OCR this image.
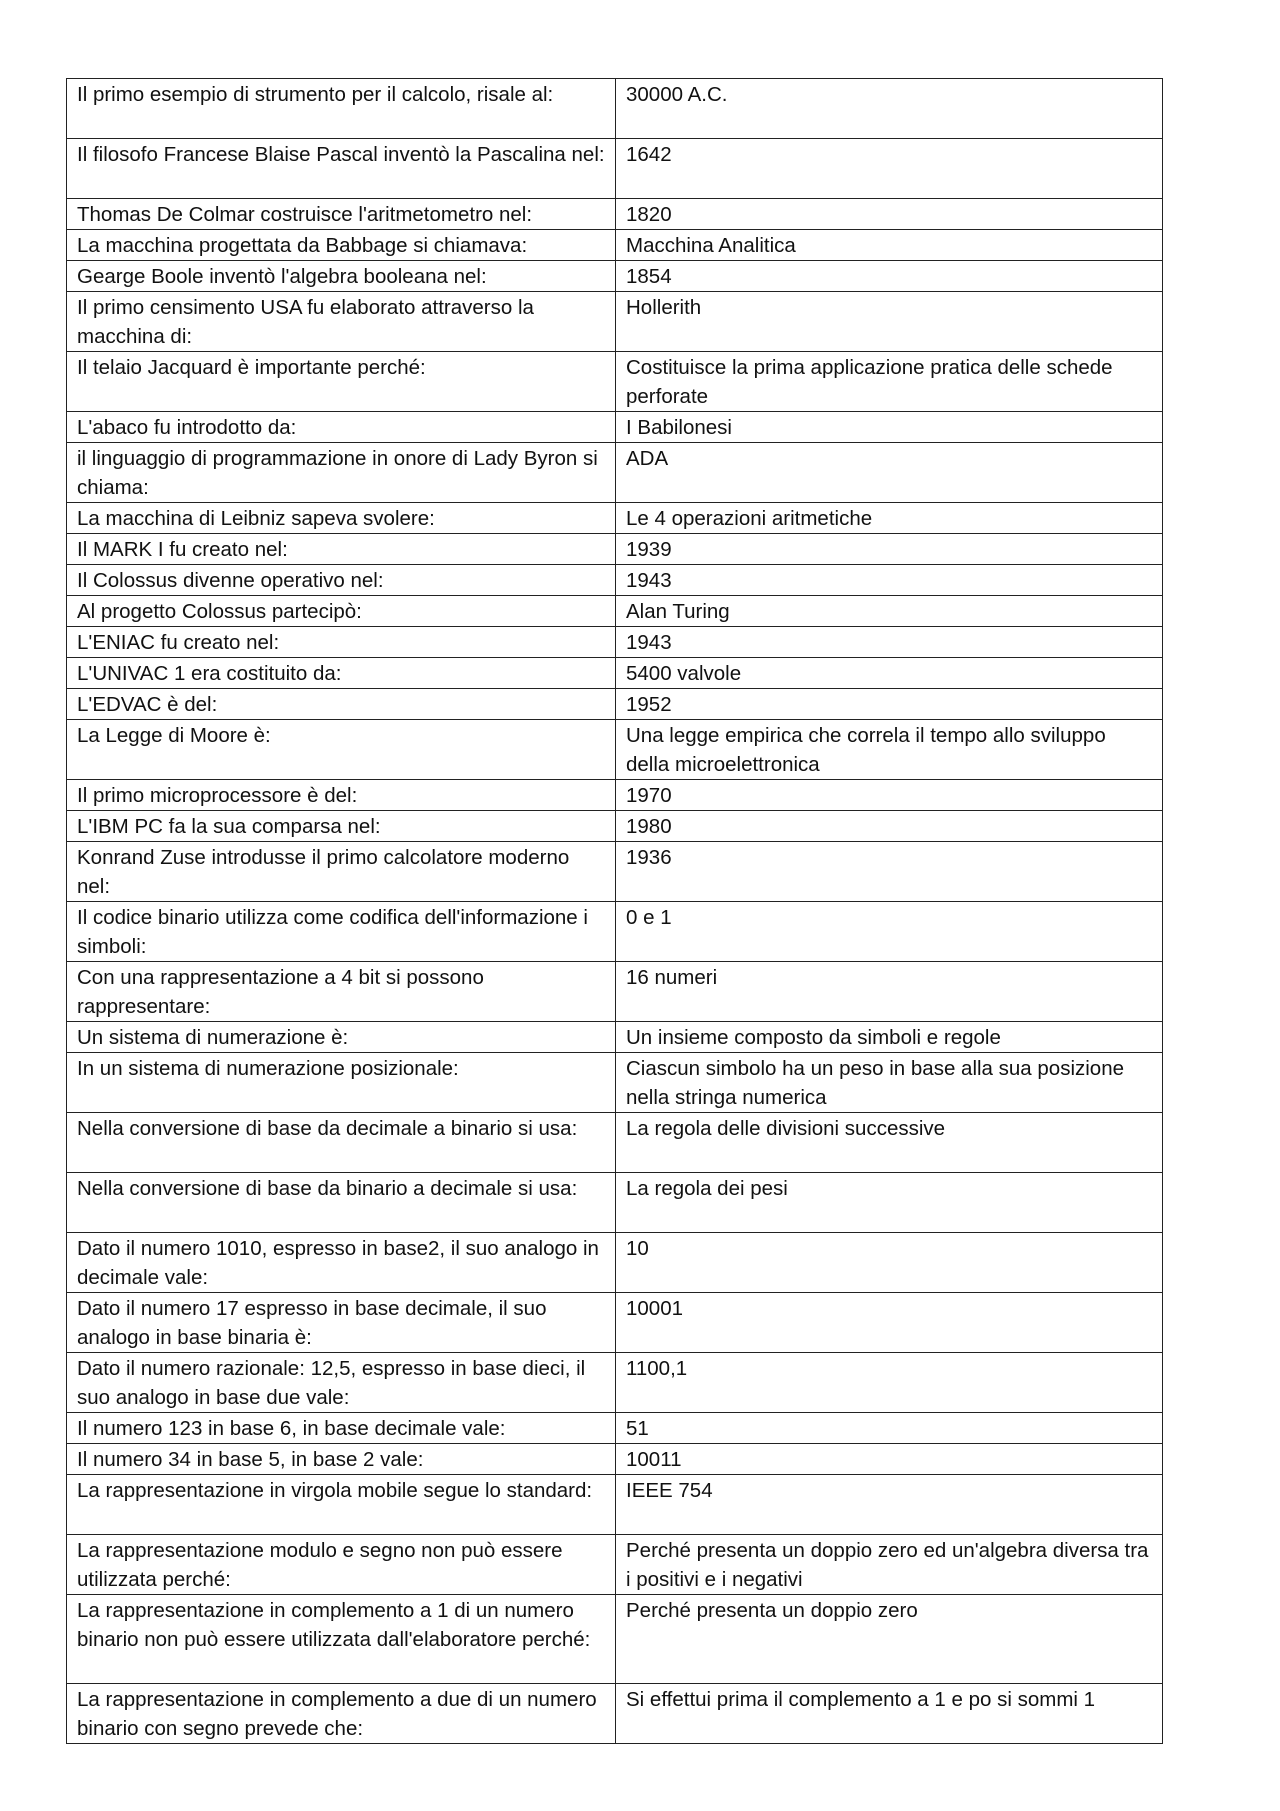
Il primo esempio di strumento per il calcolo, risale al:	30000 A.C.
Il filosofo Francese Blaise Pascal inventò la Pascalina nel:	1642
Thomas De Colmar costruisce l'aritmetometro nel:	1820
La macchina progettata da Babbage si chiamava:	Macchina Analitica
Gearge Boole inventò l'algebra booleana nel:	1854
Il primo censimento USA fu elaborato attraverso la macchina di:	Hollerith
Il telaio Jacquard è importante perché:	Costituisce la prima applicazione pratica delle schede perforate
L'abaco fu introdotto da:	I Babilonesi
il linguaggio di programmazione in onore di Lady Byron si chiama:	ADA
La macchina di Leibniz sapeva svolere:	Le 4 operazioni aritmetiche
Il MARK I fu creato nel:	1939
Il Colossus divenne operativo nel:	1943
Al progetto Colossus partecipò:	Alan Turing
L'ENIAC fu creato nel:	1943
L'UNIVAC 1 era costituito da:	5400 valvole
L'EDVAC è del:	1952
La Legge di Moore è:	Una legge empirica che correla il tempo allo sviluppo della microelettronica
Il primo microprocessore è del:	1970
L'IBM PC fa la sua comparsa nel:	1980
Konrand Zuse introdusse il primo calcolatore moderno nel:	1936
Il codice binario utilizza come codifica dell'informazione i simboli:	0 e 1
Con una rappresentazione a 4 bit si possono rappresentare:	16 numeri
Un sistema di numerazione è:	Un insieme composto da simboli e regole
In un sistema di numerazione posizionale:	Ciascun simbolo ha un peso in base alla sua posizione nella stringa numerica
Nella conversione di base da decimale a binario si usa:	La regola delle divisioni successive
Nella conversione di base da binario a decimale si usa:	La regola dei pesi
Dato il numero 1010, espresso in base2, il suo analogo in decimale vale:	10
Dato il numero 17 espresso in base decimale, il suo analogo in base binaria è:	10001
Dato il numero razionale: 12,5, espresso in base dieci, il suo analogo in base due vale:	1100,1
Il numero 123 in base 6, in base decimale vale:	51
Il numero 34 in base 5, in base 2 vale:	10011
La rappresentazione in virgola mobile segue lo standard:	IEEE 754
La rappresentazione modulo e segno non può essere utilizzata perché:	Perché presenta un doppio zero ed un'algebra diversa tra i positivi e i negativi
La rappresentazione in complemento a 1 di un numero binario non può essere utilizzata dall'elaboratore perché:	Perché presenta un doppio zero
La rappresentazione in complemento a due di un numero binario con segno prevede che:	Si effettui prima il complemento a 1 e po si sommi 1
